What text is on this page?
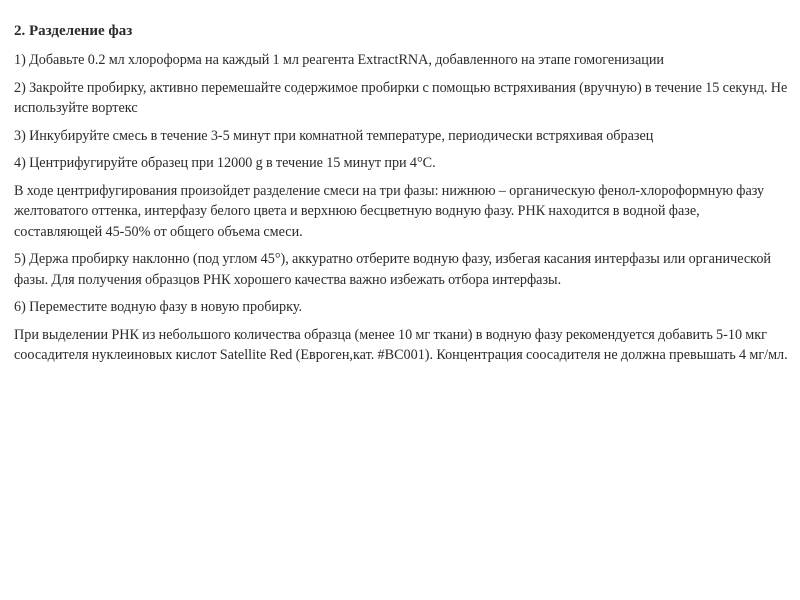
2. Разделение фаз

1) Добавьте 0.2 мл хлороформа на каждый 1 мл реагента ExtractRNA, добавленного на этапе гомогенизации

2) Закройте пробирку, активно перемешайте содержимое пробирки с помощью встряхивания (вручную) в течение 15 секунд. Не используйте вортекс

3) Инкубируйте смесь в течение 3-5 минут при комнатной температуре, периодически встряхивая образец

4) Центрифугируйте образец при 12000 g в течение 15 минут при 4°С.

В ходе центрифугирования произойдет разделение смеси на три фазы: нижнюю – органическую фенол-хлороформную фазу желтоватого оттенка, интерфазу белого цвета и верхнюю бесцветную водную фазу. РНК находится в водной фазе, составляющей 45-50% от общего объема смеси.

5) Держа пробирку наклонно (под углом 45°), аккуратно отберите водную фазу, избегая касания интерфазы или органической фазы. Для получения образцов РНК хорошего качества важно избежать отбора интерфазы.

6) Переместите водную фазу в новую пробирку.

При выделении РНК из небольшого количества образца (менее 10 мг ткани) в водную фазу рекомендуется добавить 5-10 мкг соосадителя нуклеиновых кислот Satellite Red (Евроген,кат. #BC001). Концентрация соосадителя не должна превышать 4 мг/мл.
